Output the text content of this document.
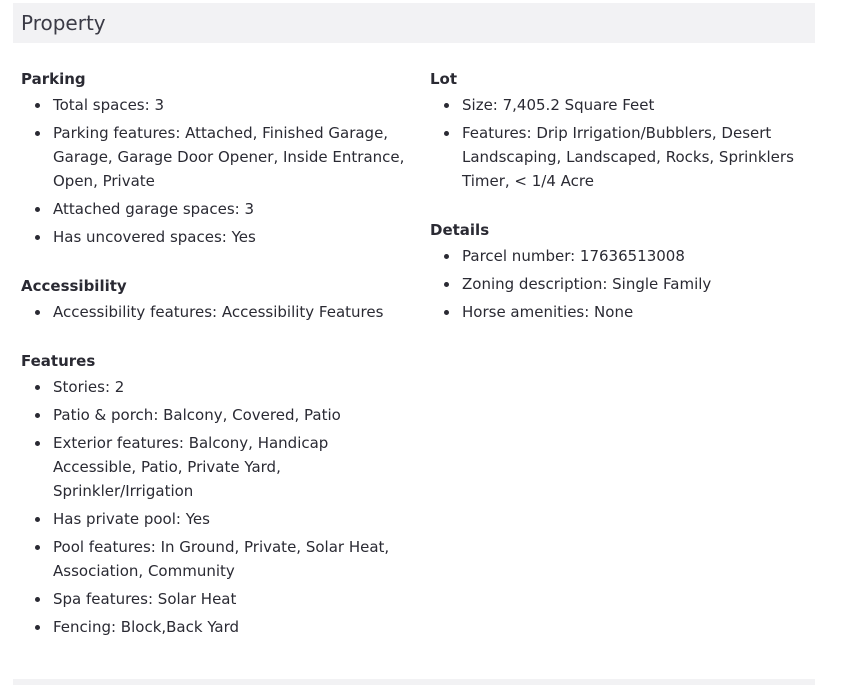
Property
Parking
Total spaces: 3
Parking features: Attached, Finished Garage, Garage, Garage Door Opener, Inside Entrance, Open, Private
Attached garage spaces: 3
Has uncovered spaces: Yes
Accessibility
Accessibility features: Accessibility Features
Features
Stories: 2
Patio & porch: Balcony, Covered, Patio
Exterior features: Balcony, Handicap Accessible, Patio, Private Yard, Sprinkler/Irrigation
Has private pool: Yes
Pool features: In Ground, Private, Solar Heat, Association, Community
Spa features: Solar Heat
Fencing: Block,Back Yard
Lot
Size: 7,405.2 Square Feet
Features: Drip Irrigation/Bubblers, Desert Landscaping, Landscaped, Rocks, Sprinklers Timer, < 1/4 Acre
Details
Parcel number: 17636513008
Zoning description: Single Family
Horse amenities: None
